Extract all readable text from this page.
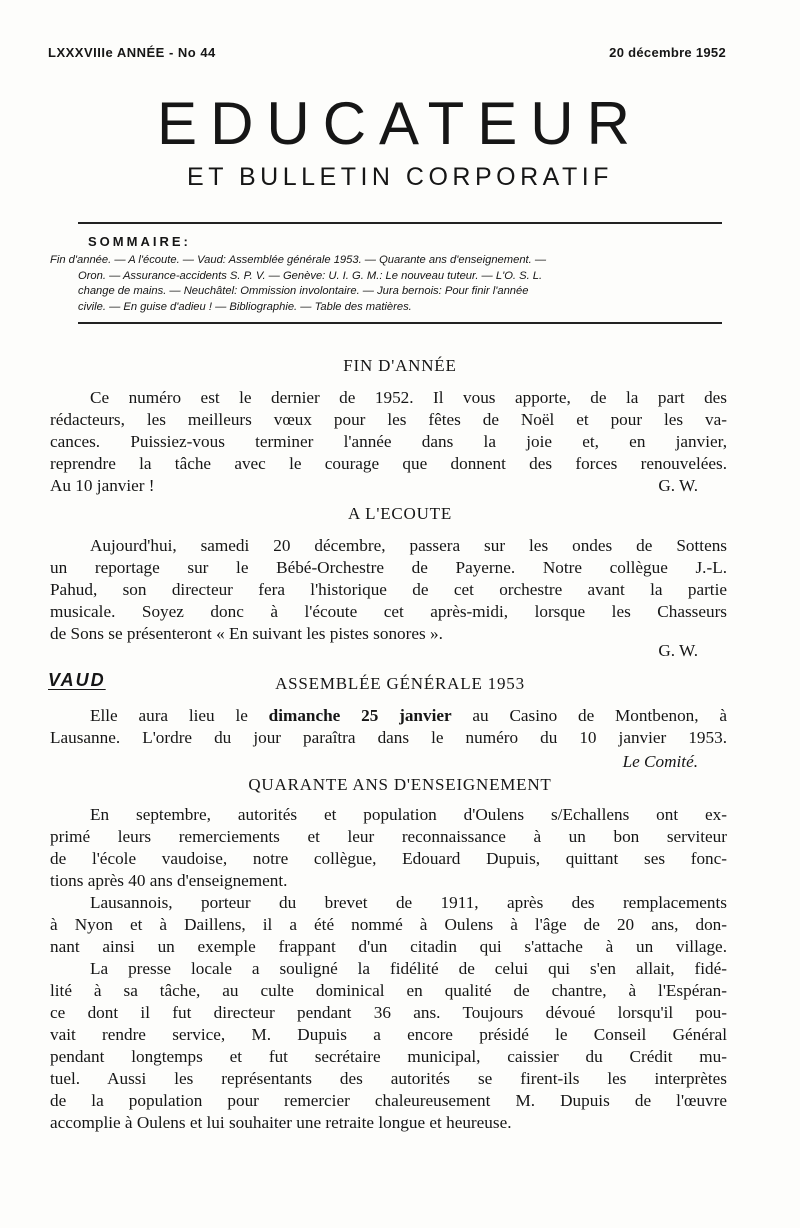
LXXXVIIIe ANNÉE - No 44	20 décembre 1952
EDUCATEUR
ET BULLETIN CORPORATIF
SOMMAIRE:
Fin d'année. — A l'écoute. — Vaud: Assemblée générale 1953. — Quarante ans d'enseignement. —
Oron. — Assurance-accidents S. P. V. — Genève: U. I. G. M.: Le nouveau tuteur. — L'O. S. L.
change de mains. — Neuchâtel: Ommission involontaire. — Jura bernois: Pour finir l'année
civile. — En guise d'adieu ! — Bibliographie. — Table des matières.
FIN D'ANNÉE
Ce numéro est le dernier de 1952. Il vous apporte, de la part des
rédacteurs, les meilleurs vœux pour les fêtes de Noël et pour les va-
cances. Puissiez-vous terminer l'année dans la joie et, en janvier,
reprendre la tâche avec le courage que donnent des forces renouvelées.
Au 10 janvier !	G. W.
A L'ECOUTE
Aujourd'hui, samedi 20 décembre, passera sur les ondes de Sottens
un reportage sur le Bébé-Orchestre de Payerne. Notre collègue J.-L.
Pahud, son directeur fera l'historique de cet orchestre avant la partie
musicale. Soyez donc à l'écoute cet après-midi, lorsque les Chasseurs
de Sons se présenteront « En suivant les pistes sonores ».
G. W.
VAUD	ASSEMBLÉE GÉNÉRALE 1953
Elle aura lieu le dimanche 25 janvier au Casino de Montbenon, à
Lausanne. L'ordre du jour paraîtra dans le numéro du 10 janvier 1953.
Le Comité.
QUARANTE ANS D'ENSEIGNEMENT
En septembre, autorités et population d'Oulens s/Echallens ont ex-
primé leurs remerciements et leur reconnaissance à un bon serviteur
de l'école vaudoise, notre collègue, Edouard Dupuis, quittant ses fonc-
tions après 40 ans d'enseignement.
Lausannois, porteur du brevet de 1911, après des remplacements
à Nyon et à Daillens, il a été nommé à Oulens à l'âge de 20 ans, don-
nant ainsi un exemple frappant d'un citadin qui s'attache à un village.
La presse locale a souligné la fidélité de celui qui s'en allait, fidé-
lité à sa tâche, au culte dominical en qualité de chantre, à l'Espéran-
ce dont il fut directeur pendant 36 ans. Toujours dévoué lorsqu'il pou-
vait rendre service, M. Dupuis a encore présidé le Conseil Général
pendant longtemps et fut secrétaire municipal, caissier du Crédit mu-
tuel. Aussi les représentants des autorités se firent-ils les interprètes
de la population pour remercier chaleureusement M. Dupuis de l'œuvre
accomplie à Oulens et lui souhaiter une retraite longue et heureuse.
